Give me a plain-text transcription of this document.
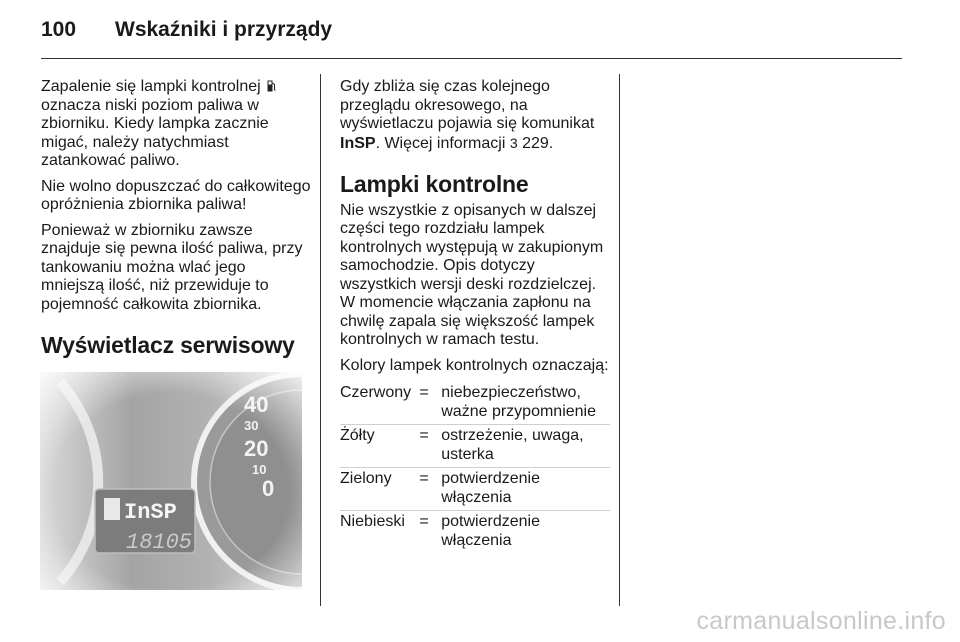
100 Wskaźniki i przyrządy

Zapalenie się lampki kontrolnej  oznacza niski poziom paliwa w zbiorniku. Kiedy lampka zacznie migać, należy natychmiast zatankować paliwo.

Nie wolno dopuszczać do całkowitego opróżnienia zbiornika paliwa!

Ponieważ w zbiorniku zawsze znajduje się pewna ilość paliwa, przy tankowaniu można wlać jego mniejszą ilość, niż przewiduje to pojemność całkowita zbiornika.

Wyświetlacz serwisowy

Gdy zbliża się czas kolejnego przeglądu okresowego, na wyświetlaczu pojawia się komunikat InSP. Więcej informacji 3 229.

Lampki kontrolne

Nie wszystkie z opisanych w dalszej części tego rozdziału lampek kontrolnych występują w zakupionym samochodzie. Opis dotyczy wszystkich wersji deski rozdzielczej. W momencie włączania zapłonu na chwilę zapala się większość lampek kontrolnych w ramach testu.

Kolory lampek kontrolnych oznaczają:

Czerwony = niebezpieczeństwo, ważne przypomnienie
Żółty	= ostrzeżenie, uwaga, usterka
Zielony	= potwierdzenie włączenia
Niebieski = potwierdzenie włączenia
carmanualsonline.info
